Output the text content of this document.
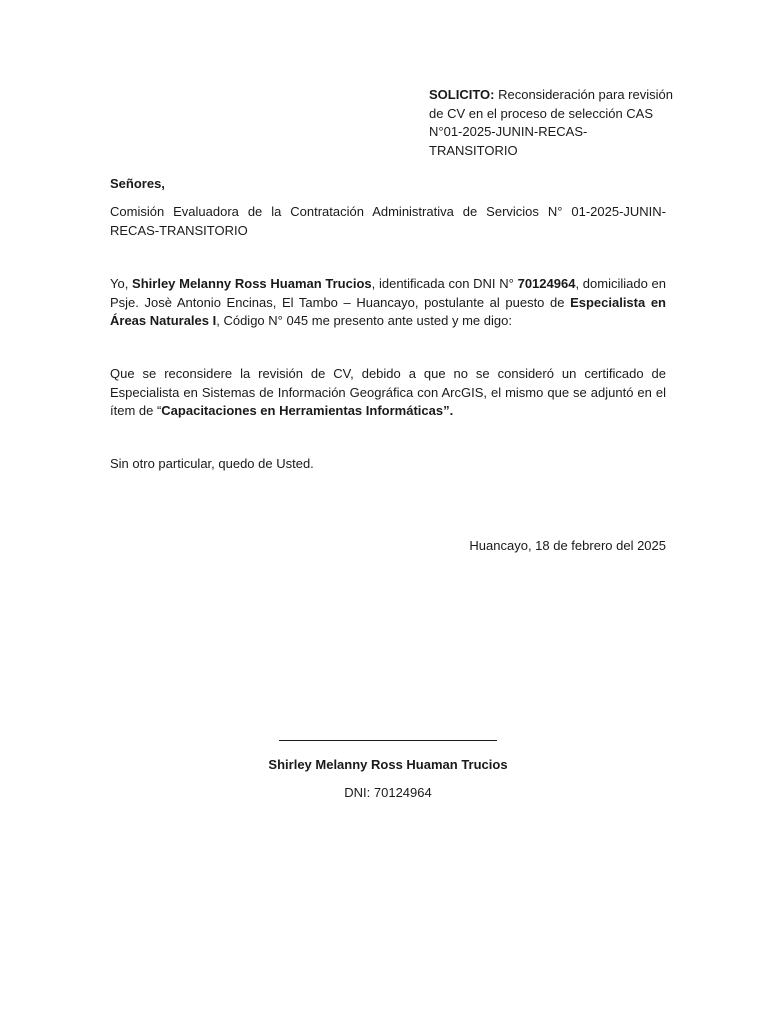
SOLICITO: Reconsideración para revisión de CV en el proceso de selección CAS N°01-2025-JUNIN-RECAS-TRANSITORIO
Señores,
Comisión Evaluadora de la Contratación Administrativa de Servicios N° 01-2025-JUNIN-RECAS-TRANSITORIO
Yo, Shirley Melanny Ross Huaman Trucios, identificada con DNI N° 70124964, domiciliado en Psje. Josè Antonio Encinas, El Tambo – Huancayo, postulante al puesto de Especialista en Áreas Naturales I, Código N° 045 me presento ante usted y me digo:
Que se reconsidere la revisión de CV, debido a que no se consideró un certificado de Especialista en Sistemas de Información Geográfica con ArcGIS, el mismo que se adjuntó en el ítem de “Capacitaciones en Herramientas Informáticas”.
Sin otro particular, quedo de Usted.
Huancayo, 18 de febrero del 2025
Shirley Melanny Ross Huaman Trucios
DNI: 70124964
